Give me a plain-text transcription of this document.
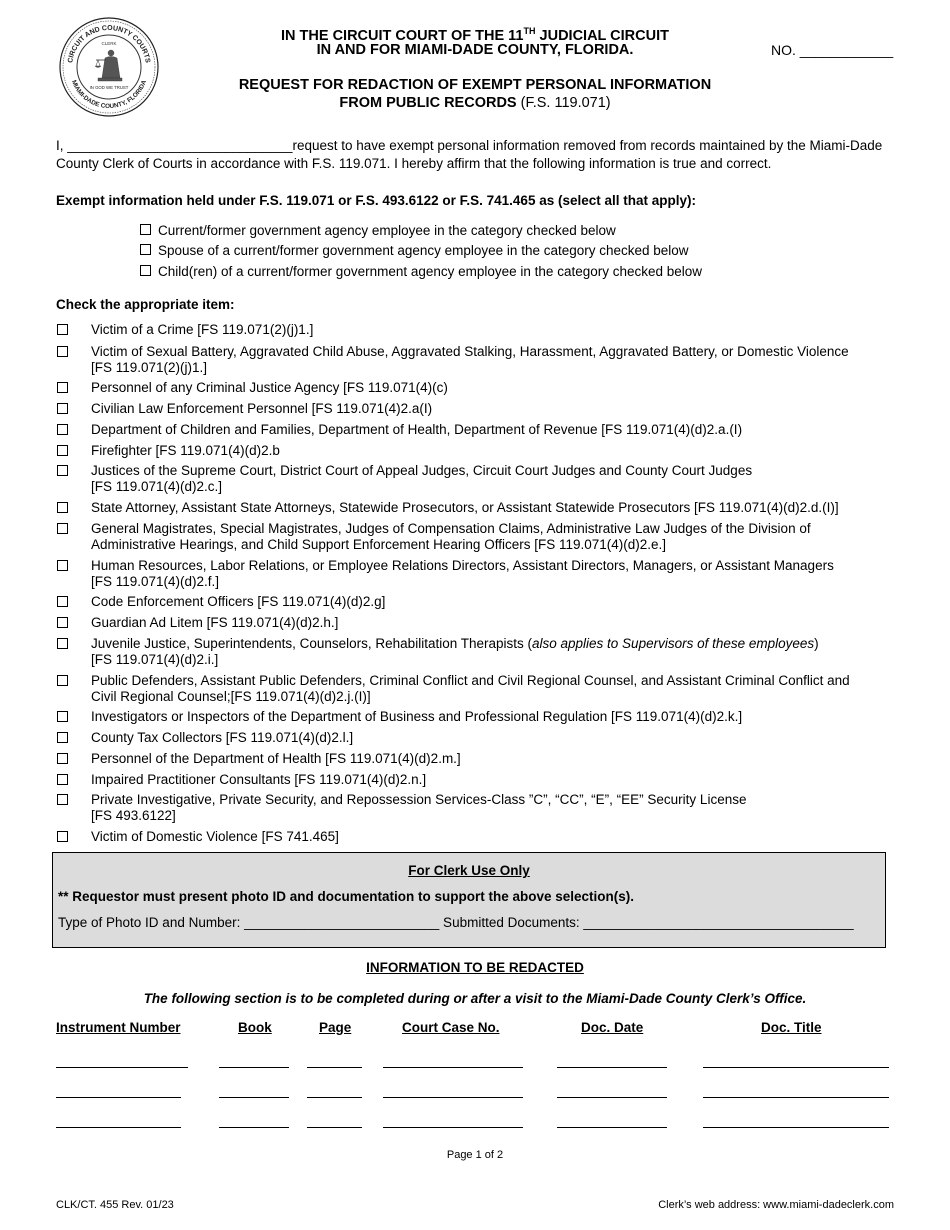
CIRCUIT AND COUNTY COURTS
MIAMI-DADE COUNTY, FLORIDA
CLERK
IN GOD WE TRUST
IN THE CIRCUIT COURT OF THE 11TH JUDICIAL CIRCUIT
IN AND FOR MIAMI-DADE COUNTY, FLORIDA.	NO. ____________
REQUEST FOR REDACTION OF EXEMPT PERSONAL INFORMATION
FROM PUBLIC RECORDS (F.S. 119.071)
I, ______________________________request to have exempt personal information removed from records maintained by the Miami-Dade County Clerk of Courts in accordance with F.S. 119.071. I hereby affirm that the following information is true and correct.
Exempt information held under F.S. 119.071 or F.S. 493.6122 or F.S. 741.465 as (select all that apply):
Current/former government agency employee in the category checked below
Spouse of a current/former government agency employee in the category checked below
Child(ren) of a current/former government agency employee in the category checked below
Check the appropriate item:
Victim of a Crime [FS 119.071(2)(j)1.]
Victim of Sexual Battery, Aggravated Child Abuse, Aggravated Stalking, Harassment, Aggravated Battery, or Domestic Violence
[FS 119.071(2)(j)1.]
Personnel of any Criminal Justice Agency [FS 119.071(4)(c)
Civilian Law Enforcement Personnel [FS 119.071(4)2.a(I)
Department of Children and Families, Department of Health, Department of Revenue [FS 119.071(4)(d)2.a.(I)
Firefighter [FS 119.071(4)(d)2.b
Justices of the Supreme Court, District Court of Appeal Judges, Circuit Court Judges and County Court Judges
[FS 119.071(4)(d)2.c.]
State Attorney, Assistant State Attorneys, Statewide Prosecutors, or Assistant Statewide Prosecutors [FS 119.071(4)(d)2.d.(I)]
General Magistrates, Special Magistrates, Judges of Compensation Claims, Administrative Law Judges of the Division of
Administrative Hearings, and Child Support Enforcement Hearing Officers [FS 119.071(4)(d)2.e.]
Human Resources, Labor Relations, or Employee Relations Directors, Assistant Directors, Managers, or Assistant Managers
[FS 119.071(4)(d)2.f.]
Code Enforcement Officers [FS 119.071(4)(d)2.g]
Guardian Ad Litem [FS 119.071(4)(d)2.h.]
Juvenile Justice, Superintendents, Counselors, Rehabilitation Therapists (also applies to Supervisors of these employees)
[FS 119.071(4)(d)2.i.]
Public Defenders, Assistant Public Defenders, Criminal Conflict and Civil Regional Counsel, and Assistant Criminal Conflict and
Civil Regional Counsel;[FS 119.071(4)(d)2.j.(I)]
Investigators or Inspectors of the Department of Business and Professional Regulation [FS 119.071(4)(d)2.k.]
County Tax Collectors [FS 119.071(4)(d)2.l.]
Personnel of the Department of Health [FS 119.071(4)(d)2.m.]
Impaired Practitioner Consultants [FS 119.071(4)(d)2.n.]
Private Investigative, Private Security, and Repossession Services-Class ”C”, “CC”, “E”, “EE” Security License
[FS 493.6122]
Victim of Domestic Violence [FS 741.465]
For Clerk Use Only
** Requestor must present photo ID and documentation to support the above selection(s).
Type of Photo ID and Number: __________________________ Submitted Documents: ____________________________________
INFORMATION TO BE REDACTED
The following section is to be completed during or after a visit to the Miami-Dade County Clerk’s Office.
Instrument Number	Book	Page	Court Case No.	Doc. Date	Doc. Title
Page 1 of 2
CLK/CT. 455 Rev. 01/23	Clerk’s web address: www.miami-dadeclerk.com
